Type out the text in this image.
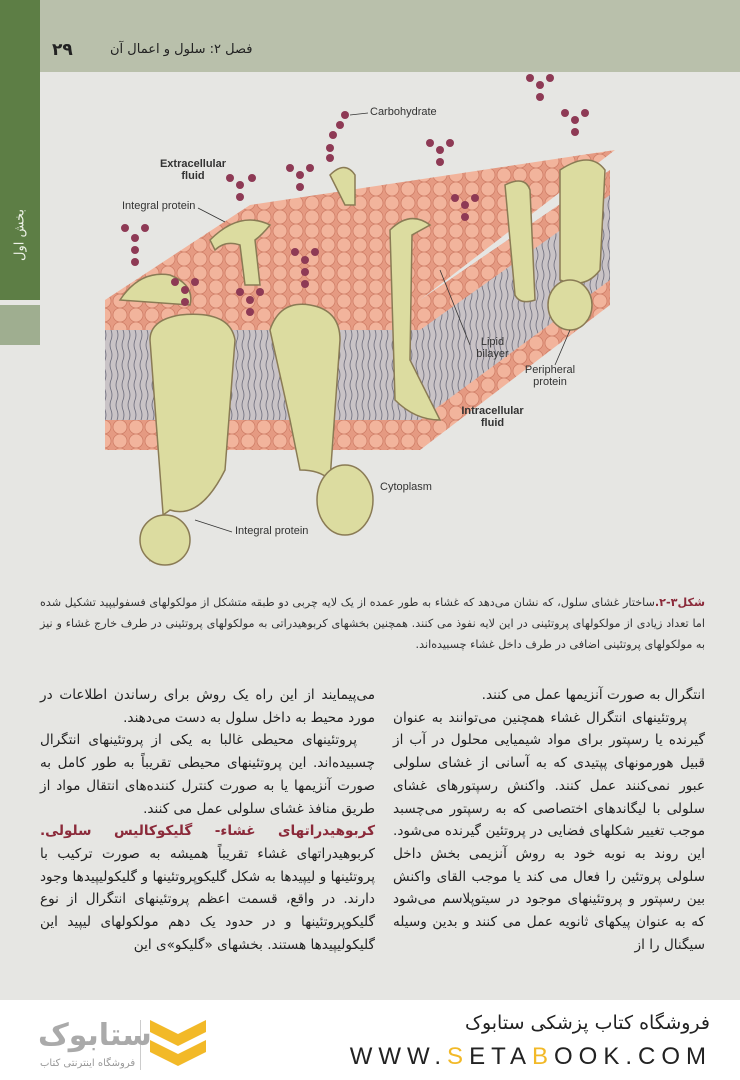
بخش اول
۲۹	فصل ۲: سلول و اعمال آن
Carbohydrate
Extracellular fluid
Integral protein
Lipid bilayer
Peripheral protein
Intracellular fluid
Cytoplasm
Integral protein
شکل۳-۲.ساختار غشای سلول، که نشان می‌دهد که غشاء به طور عمده از یک لایه چربی دو طبقه متشکل از مولکولهای فسفولیپید تشکیل شده اما تعداد زیادی از مولکولهای پروتئینی در این لایه نفوذ می کنند. همچنین بخشهای کربوهیدراتی به مولکولهای پروتئینی در طرف خارج غشاء و نیز به مولکولهای پروتئینی اضافی در طرف داخل غشاء چسبیده‌اند.

انتگرال به صورت آنزیمها عمل می کنند.

پروتئینهای انتگرال غشاء همچنین می‌توانند به عنوان گیرنده یا رسپتور برای مواد شیمیایی محلول در آب از قبیل هورمونهای پپتیدی که به آسانی از غشای سلولی عبور نمی‌کنند عمل کنند. واکنش رسپتورهای غشای سلولی با لیگاندهای اختصاصی که به رسپتور می‌چسبد موجب تغییر شکلهای فضایی در پروتئین گیرنده می‌شود. این روند به نوبه خود به روش آنزیمی بخش داخل سلولی پروتئین را فعال می کند یا موجب القای واکنش بین رسپتور و پروتئینهای موجود در سیتوپلاسم می‌شود که به عنوان پیکهای ثانویه عمل می کنند و بدین وسیله سیگنال را از

می‌پیمایند از این راه یک روش برای رساندن اطلاعات در مورد محیط به داخل سلول به دست می‌دهند.

پروتئینهای محیطی غالبا به یکی از پروتئینهای انتگرال چسبیده‌اند. این پروتئینهای محیطی تقریباً به طور کامل به صورت آنزیمها یا به صورت کنترل کننده‌های انتقال مواد از طریق منافذ غشای سلولی عمل می کنند.

کربوهیدراتهای غشاء- گلیکوکالیس سلولی. کربوهیدراتهای غشاء تقریباً همیشه به صورت ترکیب با پروتئینها و لیپیدها به شکل گلیکوپروتئینها و گلیکولیپیدها وجود دارند. در واقع، قسمت اعظم پروتئینهای انتگرال از نوع گلیکوپروتئینها و در حدود یک دهم مولکولهای لیپید این گلیکولیپیدها هستند. بخشهای «گلیکو»ی این

فروشگاه کتاب پزشکی ستابوک
WWW.SETABOOK.COM
ستابوک
فروشگاه اینترنتی کتاب
